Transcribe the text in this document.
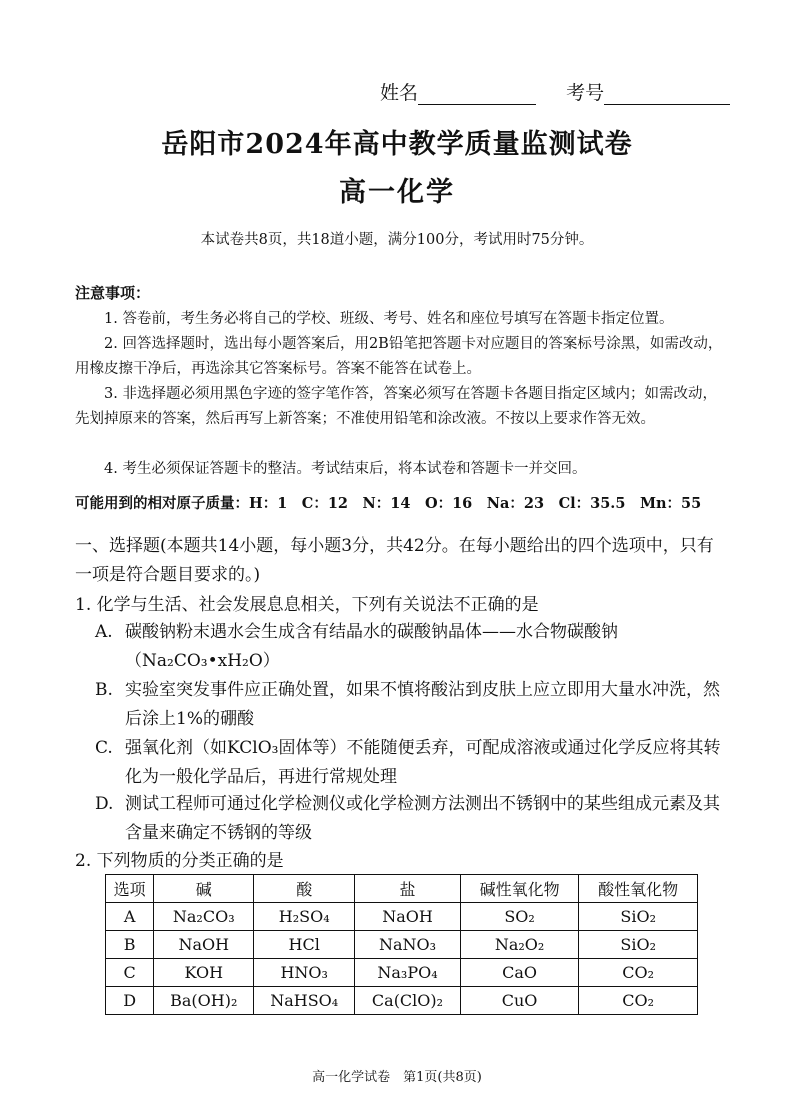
姓名	考号
岳阳市2024年高中教学质量监测试卷
高一化学
本试卷共8页，共18道小题，满分100分，考试用时75分钟。
注意事项：
1. 答卷前，考生务必将自己的学校、班级、考号、姓名和座位号填写在答题卡指定位置。
2. 回答选择题时，选出每小题答案后，用2B铅笔把答题卡对应题目的答案标号涂黑，如需改动，用橡皮擦干净后，再选涂其它答案标号。答案不能答在试卷上。
3. 非选择题必须用黑色字迹的签字笔作答，答案必须写在答题卡各题目指定区域内；如需改动，先划掉原来的答案，然后再写上新答案；不准使用铅笔和涂改液。不按以上要求作答无效。
4. 考生必须保证答题卡的整洁。考试结束后，将本试卷和答题卡一并交回。
可能用到的相对原子质量：H：1　C：12　N：14　O：16　Na：23　Cl：35.5　Mn：55
一、选择题(本题共14小题，每小题3分，共42分。在每小题给出的四个选项中，只有一项是符合题目要求的。)
1. 化学与生活、社会发展息息相关，下列有关说法不正确的是
A. 碳酸钠粉末遇水会生成含有结晶水的碳酸钠晶体——水合物碳酸钠（Na₂CO₃•xH₂O）
B. 实验室突发事件应正确处置，如果不慎将酸沾到皮肤上应立即用大量水冲洗，然后涂上1%的硼酸
C. 强氧化剂（如KClO₃固体等）不能随便丢弃，可配成溶液或通过化学反应将其转化为一般化学品后，再进行常规处理
D. 测试工程师可通过化学检测仪或化学检测方法测出不锈钢中的某些组成元素及其含量来确定不锈钢的等级
2. 下列物质的分类正确的是
选项	碱	酸	盐	碱性氧化物	酸性氧化物
A	Na₂CO₃	H₂SO₄	NaOH	SO₂	SiO₂
B	NaOH	HCl	NaNO₃	Na₂O₂	SiO₂
C	KOH	HNO₃	Na₃PO₄	CaO	CO₂
D	Ba(OH)₂	NaHSO₄	Ca(ClO)₂	CuO	CO₂
高一化学试卷　第1页(共8页)
